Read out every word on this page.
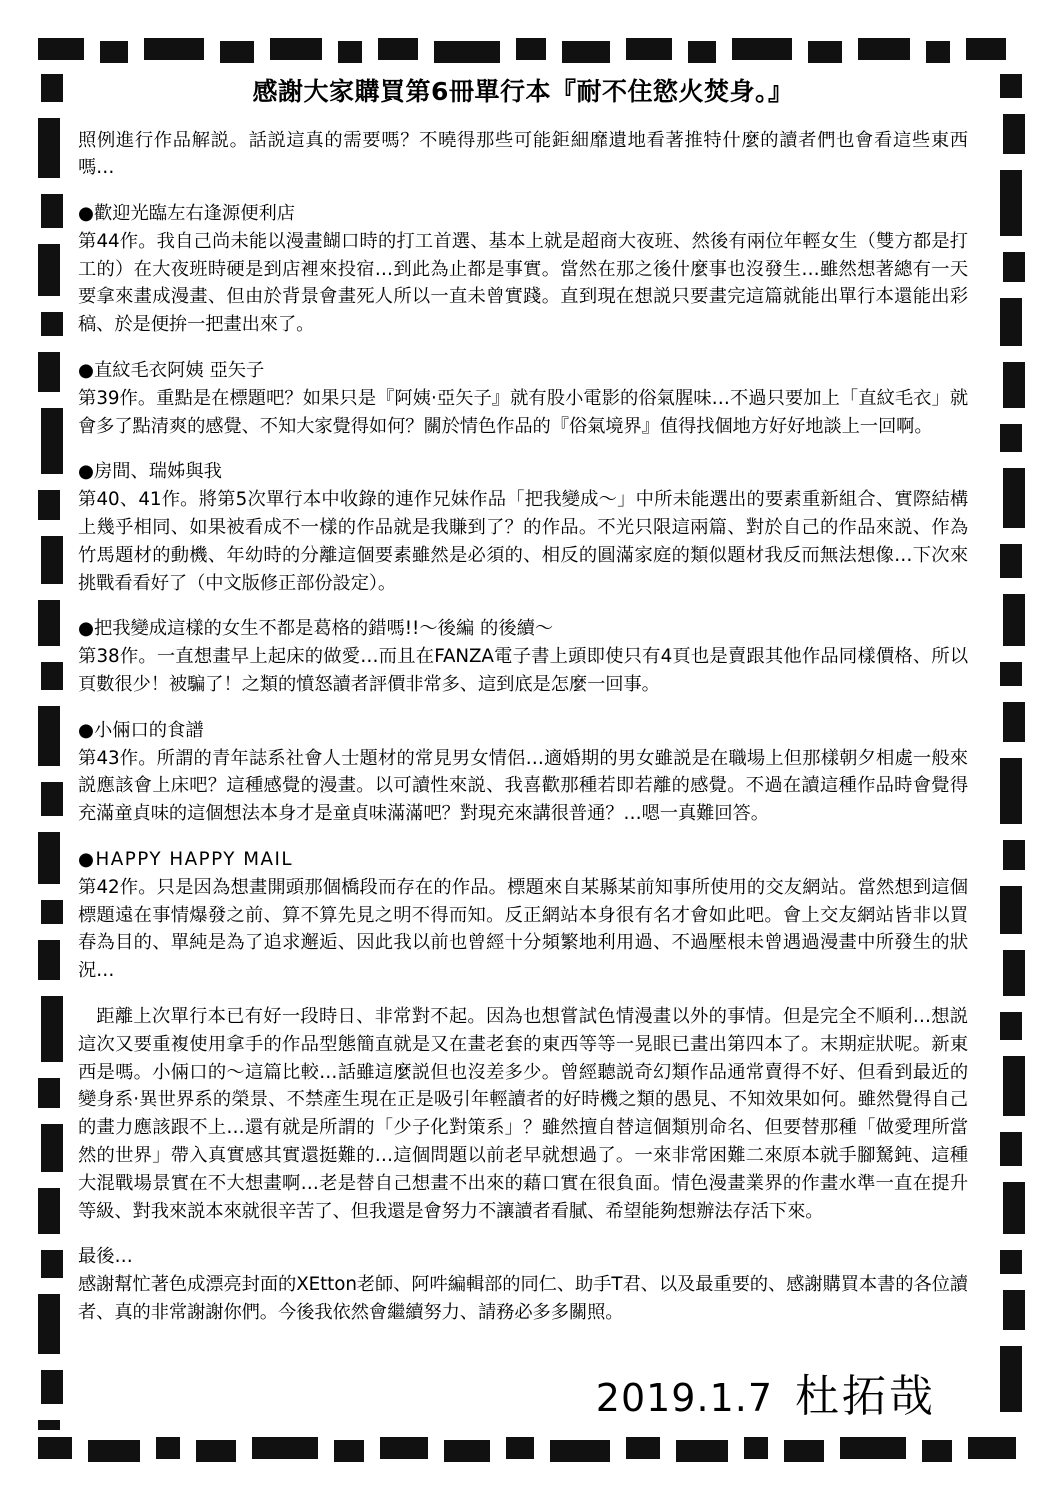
感謝大家購買第6冊單行本『耐不住慾火焚身。』

照例進行作品解説。話説這真的需要嗎？不曉得那些可能鉅細靡遺地看著推特什麼的讀者們也會看這些東西嗎…

●歡迎光臨左右逢源便利店

第44作。我自己尚未能以漫畫餬口時的打工首選、基本上就是超商大夜班、然後有兩位年輕女生（雙方都是打工的）在大夜班時硬是到店裡來投宿…到此為止都是事實。當然在那之後什麼事也沒發生…雖然想著總有一天要拿來畫成漫畫、但由於背景會畫死人所以一直未曾實踐。直到現在想説只要畫完這篇就能出單行本還能出彩稿、於是便拚一把畫出來了。

●直紋毛衣阿姨 亞矢子

第39作。重點是在標題吧？如果只是『阿姨‧亞矢子』就有股小電影的俗氣腥味…不過只要加上「直紋毛衣」就會多了點清爽的感覺、不知大家覺得如何？關於情色作品的『俗氣境界』值得找個地方好好地談上一回啊。

●房間、瑞姊與我

第40、41作。將第5次單行本中收錄的連作兄妹作品「把我變成〜」中所未能選出的要素重新組合、實際結構上幾乎相同、如果被看成不一樣的作品就是我賺到了？的作品。不光只限這兩篇、對於自己的作品來説、作為竹馬題材的動機、年幼時的分離這個要素雖然是必須的、相反的圓滿家庭的類似題材我反而無法想像…下次來挑戰看看好了（中文版修正部份設定）。

●把我變成這樣的女生不都是葛格的錯嗎!!〜後編 的後續〜

第38作。一直想畫早上起床的做愛…而且在FANZA電子書上頭即使只有4頁也是賣跟其他作品同樣價格、所以頁數很少！被騙了！之類的憤怒讀者評價非常多、這到底是怎麼一回事。

●小倆口的食譜

第43作。所謂的青年誌系社會人士題材的常見男女情侶…適婚期的男女雖説是在職場上但那樣朝夕相處一般來説應該會上床吧？這種感覺的漫畫。以可讀性來説、我喜歡那種若即若離的感覺。不過在讀這種作品時會覺得充滿童貞味的這個想法本身才是童貞味滿滿吧？對現充來講很普通？…嗯一真難回答。

●HAPPY HAPPY MAIL

第42作。只是因為想畫開頭那個橋段而存在的作品。標題來自某縣某前知事所使用的交友網站。當然想到這個標題遠在事情爆發之前、算不算先見之明不得而知。反正網站本身很有名才會如此吧。會上交友網站皆非以買春為目的、單純是為了追求邂逅、因此我以前也曾經十分頻繁地利用過、不過壓根未曾遇過漫畫中所發生的狀況…

距離上次單行本已有好一段時日、非常對不起。因為也想嘗試色情漫畫以外的事情。但是完全不順利…想説這次又要重複使用拿手的作品型態簡直就是又在畫老套的東西等等一晃眼已畫出第四本了。末期症狀呢。新東西是嗎。小倆口的〜這篇比較…話雖這麼説但也沒差多少。曾經聽説奇幻類作品通常賣得不好、但看到最近的變身系‧異世界系的榮景、不禁產生現在正是吸引年輕讀者的好時機之類的愚見、不知效果如何。雖然覺得自己的畫力應該跟不上…還有就是所謂的「少子化對策系」？雖然擅自替這個類別命名、但要替那種「做愛理所當然的世界」帶入真實感其實還挺難的…這個問題以前老早就想過了。一來非常困難二來原本就手腳駑鈍、這種大混戰場景實在不大想畫啊…老是替自己想畫不出來的藉口實在很負面。情色漫畫業界的作畫水準一直在提升等級、對我來説本來就很辛苦了、但我還是會努力不讓讀者看膩、希望能夠想辦法存活下來。

最後…

感謝幫忙著色成漂亮封面的XEtton老師、阿吽編輯部的同仁、助手T君、以及最重要的、感謝購買本書的各位讀者、真的非常謝謝你們。今後我依然會繼續努力、請務必多多關照。

2019.1.7 杜拓哉
